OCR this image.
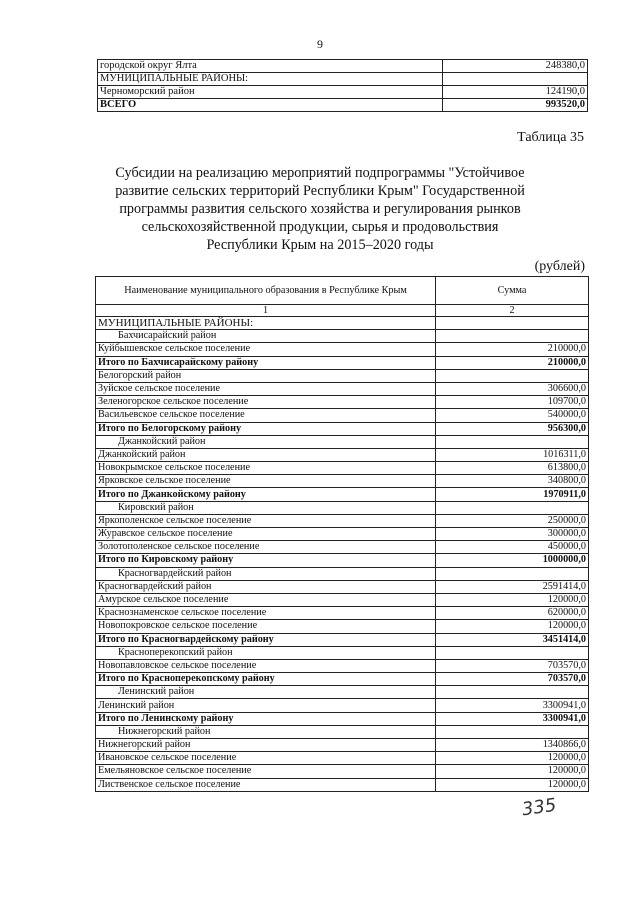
9
городской округ Ялта	248380,0
МУНИЦИПАЛЬНЫЕ РАЙОНЫ:	
Черноморский район	124190,0
ВСЕГО	993520,0
Таблица 35
Субсидии на реализацию мероприятий подпрограммы "Устойчивое развитие сельских территорий Республики Крым" Государственной программы развития сельского хозяйства и регулирования рынков сельскохозяйственной продукции, сырья и продовольствия Республики Крым на 2015–2020 годы
(рублей)
Наименование муниципального образования в Республике Крым	Сумма
1	2
МУНИЦИПАЛЬНЫЕ РАЙОНЫ:	
Бахчисарайский район	
Куйбышевское сельское поселение	210000,0
Итого по Бахчисарайскому району	210000,0
Белогорский район	
Зуйское сельское поселение	306600,0
Зеленогорское сельское поселение	109700,0
Васильевское сельское поселение	540000,0
Итого по Белогорскому району	956300,0
Джанкойский район	
Джанкойский район	1016311,0
Новокрымское сельское поселение	613800,0
Ярковское сельское поселение	340800,0
Итого по Джанкойскому району	1970911,0
Кировский район	
Яркополенское сельское поселение	250000,0
Журавское сельское поселение	300000,0
Золотополенское сельское поселение	450000,0
Итого по Кировскому району	1000000,0
Красногвардейский район	
Красногвардейский район	2591414,0
Амурское сельское поселение	120000,0
Краснознаменское сельское поселение	620000,0
Новопокровское сельское поселение	120000,0
Итого по Красногвардейскому району	3451414,0
Красноперекопский район	
Новопавловское сельское поселение	703570,0
Итого по Красноперекопскому району	703570,0
Ленинский район	
Ленинский район	3300941,0
Итого по Ленинскому району	3300941,0
Нижнегорский район	
Нижнегорский район	1340866,0
Ивановское сельское поселение	120000,0
Емельяновское сельское поселение	120000,0
Лиственское сельское поселение	120000,0
335
